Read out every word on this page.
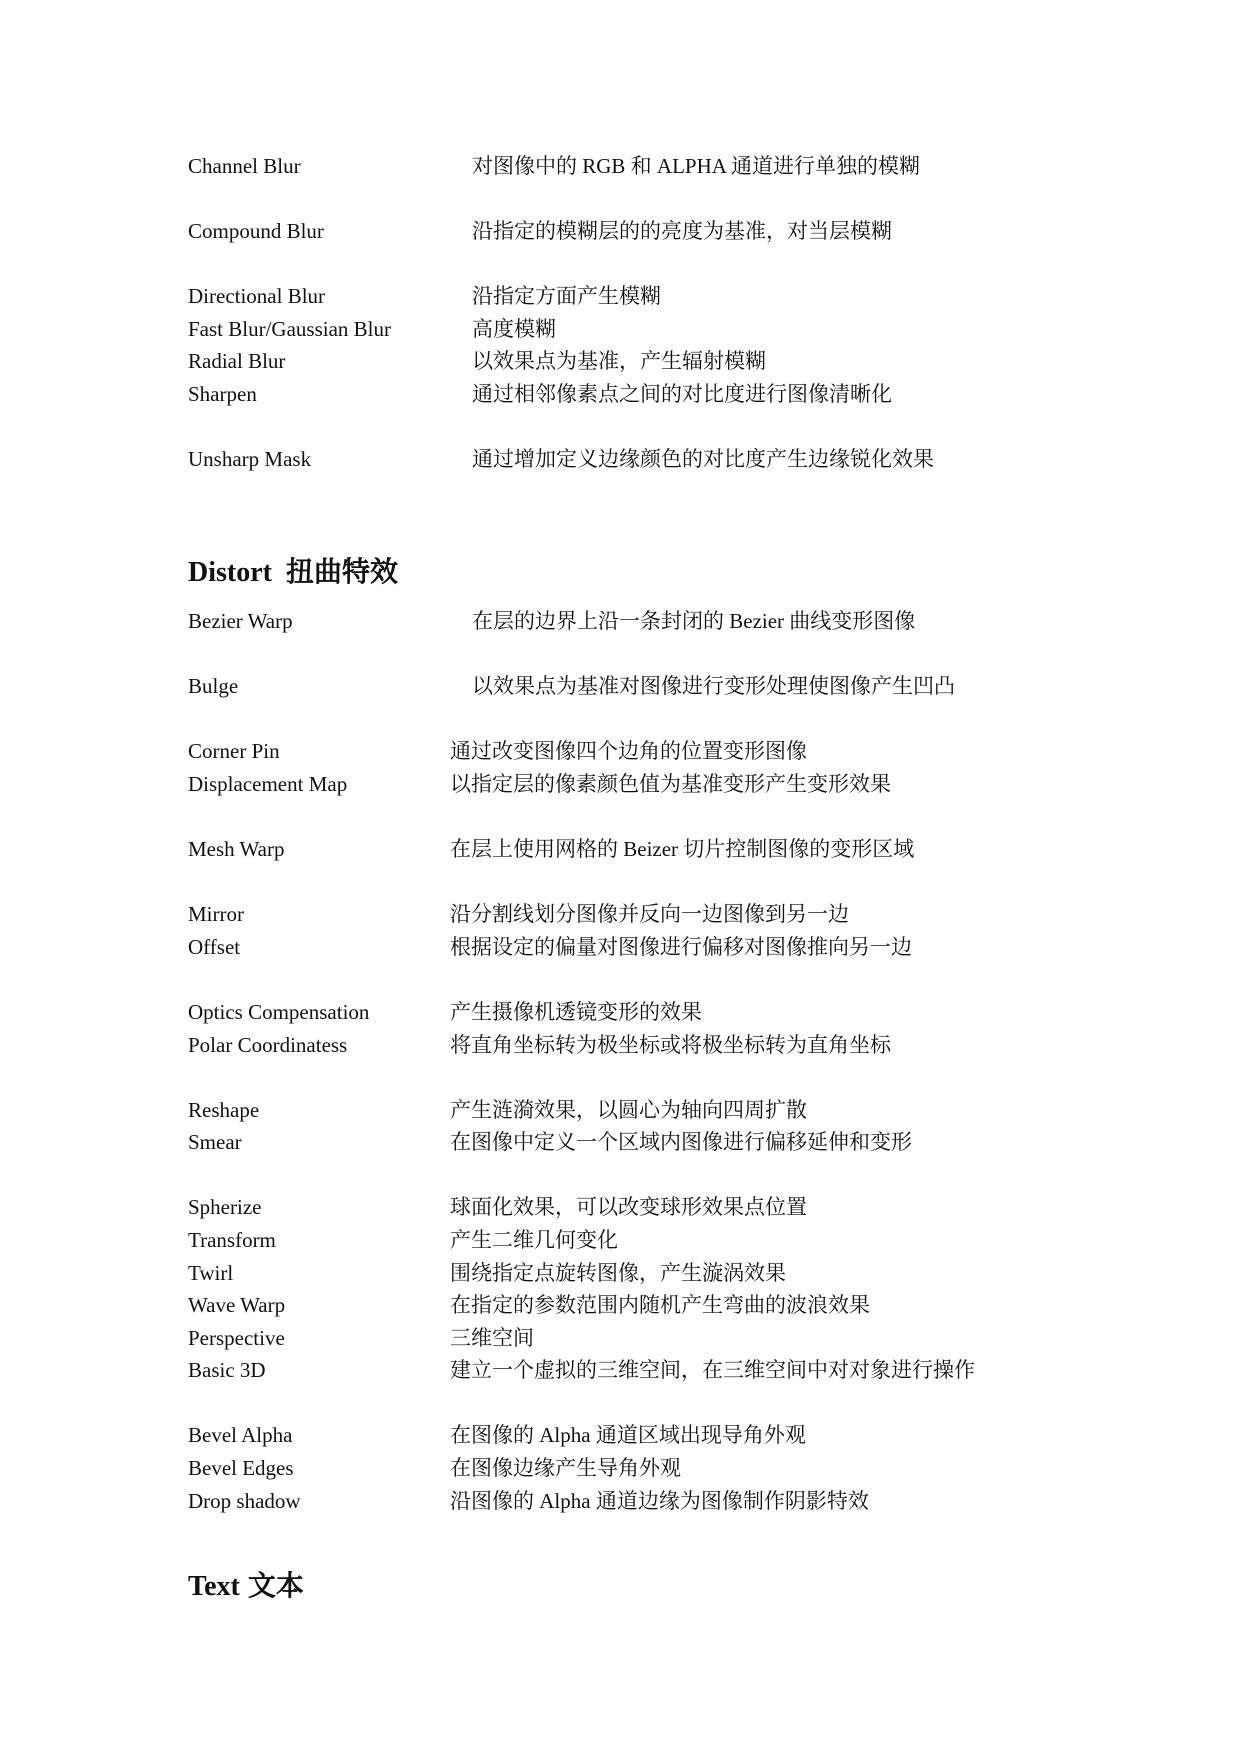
Channel Blur	对图像中的 RGB 和 ALPHA 通道进行单独的模糊
Compound Blur	沿指定的模糊层的的亮度为基准，对当层模糊
Directional Blur	沿指定方面产生模糊
Fast Blur/Gaussian Blur	高度模糊
Radial Blur	以效果点为基准，产生辐射模糊
Sharpen	通过相邻像素点之间的对比度进行图像清晰化
Unsharp Mask	通过增加定义边缘颜色的对比度产生边缘锐化效果
Distort 扭曲特效
Bezier Warp	在层的边界上沿一条封闭的 Bezier 曲线变形图像
Bulge	以效果点为基准对图像进行变形处理使图像产生凹凸
Corner Pin	通过改变图像四个边角的位置变形图像
Displacement Map	以指定层的像素颜色值为基准变形产生变形效果
Mesh Warp	在层上使用网格的 Beizer 切片控制图像的变形区域
Mirror	沿分割线划分图像并反向一边图像到另一边
Offset	根据设定的偏量对图像进行偏移对图像推向另一边
Optics Compensation	产生摄像机透镜变形的效果
Polar Coordinatess	将直角坐标转为极坐标或将极坐标转为直角坐标
Reshape	产生涟漪效果，以圆心为轴向四周扩散
Smear	在图像中定义一个区域内图像进行偏移延伸和变形
Spherize	球面化效果，可以改变球形效果点位置
Transform	产生二维几何变化
Twirl	围绕指定点旋转图像，产生漩涡效果
Wave Warp	在指定的参数范围内随机产生弯曲的波浪效果
Perspective	三维空间
Basic 3D	建立一个虚拟的三维空间，在三维空间中对对象进行操作
Bevel Alpha	在图像的 Alpha 通道区域出现导角外观
Bevel Edges	在图像边缘产生导角外观
Drop shadow	沿图像的 Alpha 通道边缘为图像制作阴影特效
Text 文本
